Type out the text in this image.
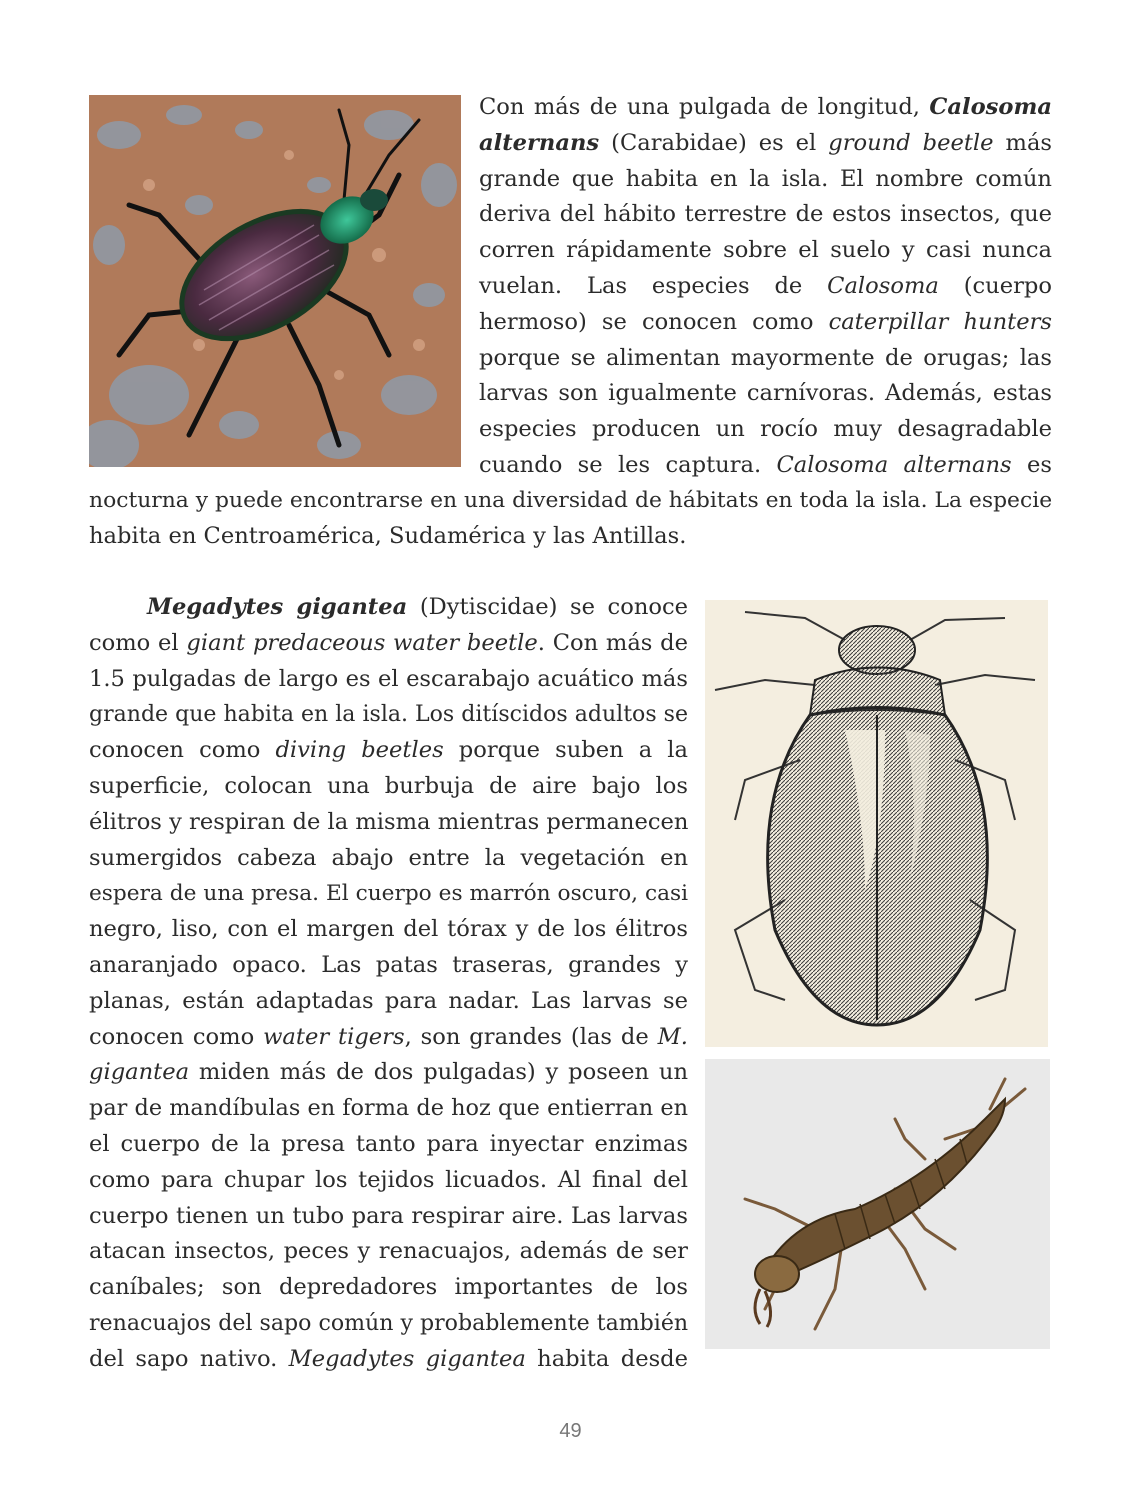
Con más de una pulgada de longitud, Calosoma
alternans (Carabidae) es el ground beetle más
grande que habita en la isla. El nombre común
deriva del hábito terrestre de estos insectos, que
corren rápidamente sobre el suelo y casi nunca
vuelan. Las especies de Calosoma (cuerpo
hermoso) se conocen como caterpillar hunters
porque se alimentan mayormente de orugas; las
larvas son igualmente carnívoras. Además, estas
especies producen un rocío muy desagradable
cuando se les captura. Calosoma alternans es
nocturna y puede encontrarse en una diversidad de hábitats en toda la isla. La especie
habita en Centroamérica, Sudamérica y las Antillas.
Megadytes gigantea (Dytiscidae) se conoce
como el giant predaceous water beetle. Con más de
1.5 pulgadas de largo es el escarabajo acuático más
grande que habita en la isla. Los ditíscidos adultos se
conocen como diving beetles porque suben a la
superficie, colocan una burbuja de aire bajo los
élitros y respiran de la misma mientras permanecen
sumergidos cabeza abajo entre la vegetación en
espera de una presa. El cuerpo es marrón oscuro, casi
negro, liso, con el margen del tórax y de los élitros
anaranjado opaco. Las patas traseras, grandes y
planas, están adaptadas para nadar. Las larvas se
conocen como water tigers, son grandes (las de M.
gigantea miden más de dos pulgadas) y poseen un
par de mandíbulas en forma de hoz que entierran en
el cuerpo de la presa tanto para inyectar enzimas
como para chupar los tejidos licuados. Al final del
cuerpo tienen un tubo para respirar aire. Las larvas
atacan insectos, peces y renacuajos, además de ser
caníbales; son depredadores importantes de los
renacuajos del sapo común y probablemente también
del sapo nativo. Megadytes gigantea habita desde
49
